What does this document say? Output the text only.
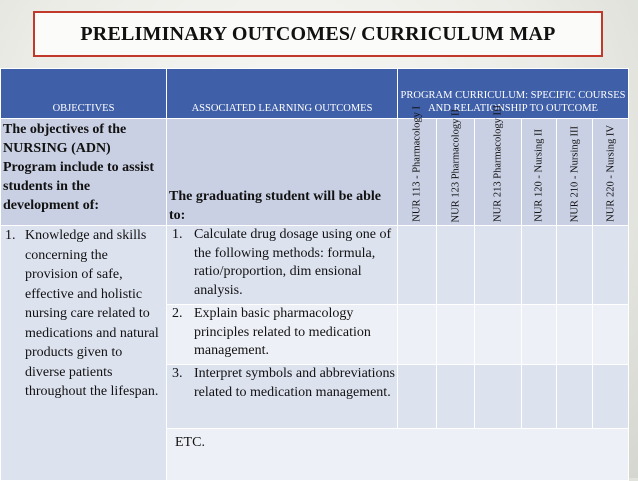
PRELIMINARY OUTCOMES/ CURRICULUM MAP
OBJECTIVES	ASSOCIATED LEARNING OUTCOMES	PROGRAM CURRICULUM: SPECIFIC COURSES AND RELATIONSHIP TO OUTCOME					
The objectives of the NURSING (ADN) Program include to assist students in the development of:	The graduating student will be able to:	NUR 113 - Pharmacology I	NUR 123 Pharmacology II	NUR 213 Pharmacology III	NUR 120 - Nursing II	NUR 210 - Nursing III	NUR 220 - Nursing IV

1. Knowledge and skills concerning the provision of safe, effective and holistic nursing care related to medications and natural products given to diverse patients throughout the lifespan.	1. Calculate drug dosage using one of the following methods: formula, ratio/proportion, dim ensional analysis.						

	2. Explain basic pharmacology principles related to medication management.						

	3. Interpret symbols and abbreviations related to medication management.						

	ETC.						
